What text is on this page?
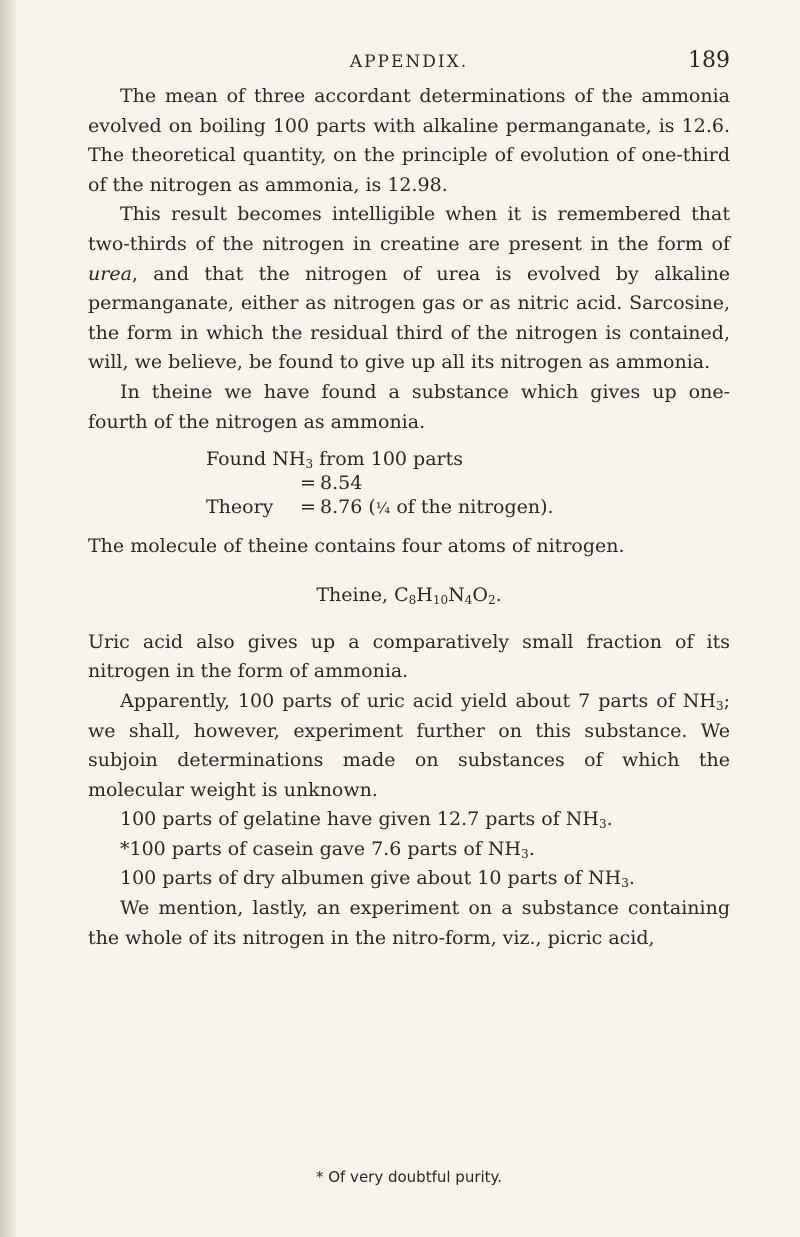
APPENDIX.	189

The mean of three accordant determinations of the ammonia evolved on boiling 100 parts with alkaline permanganate, is 12.6. The theoretical quantity, on the principle of evolution of one-third of the nitrogen as ammonia, is 12.98.

This result becomes intelligible when it is remembered that two-thirds of the nitrogen in creatine are present in the form of urea, and that the nitrogen of urea is evolved by alkaline permanganate, either as nitrogen gas or as nitric acid. Sarcosine, the form in which the residual third of the nitrogen is contained, will, we believe, be found to give up all its nitrogen as ammonia.

In theine we have found a substance which gives up one-fourth of the nitrogen as ammonia.

Found $NH_3$ from 100 parts
= 8.54
Theory	= 8.76 (¼ of the nitrogen).

The molecule of theine contains four atoms of nitrogen.

Theine, $C_8H_{10}N_4O_2$.

Uric acid also gives up a comparatively small fraction of its nitrogen in the form of ammonia.

Apparently, 100 parts of uric acid yield about 7 parts of $NH_3$; we shall, however, experiment further on this substance. We subjoin determinations made on substances of which the molecular weight is unknown.

100 parts of gelatine have given 12.7 parts of $NH_3$.

*100 parts of casein gave 7.6 parts of $NH_3$.

100 parts of dry albumen give about 10 parts of $NH_3$.

We mention, lastly, an experiment on a substance containing the whole of its nitrogen in the nitro-form, viz., picric acid,

* Of very doubtful purity.
